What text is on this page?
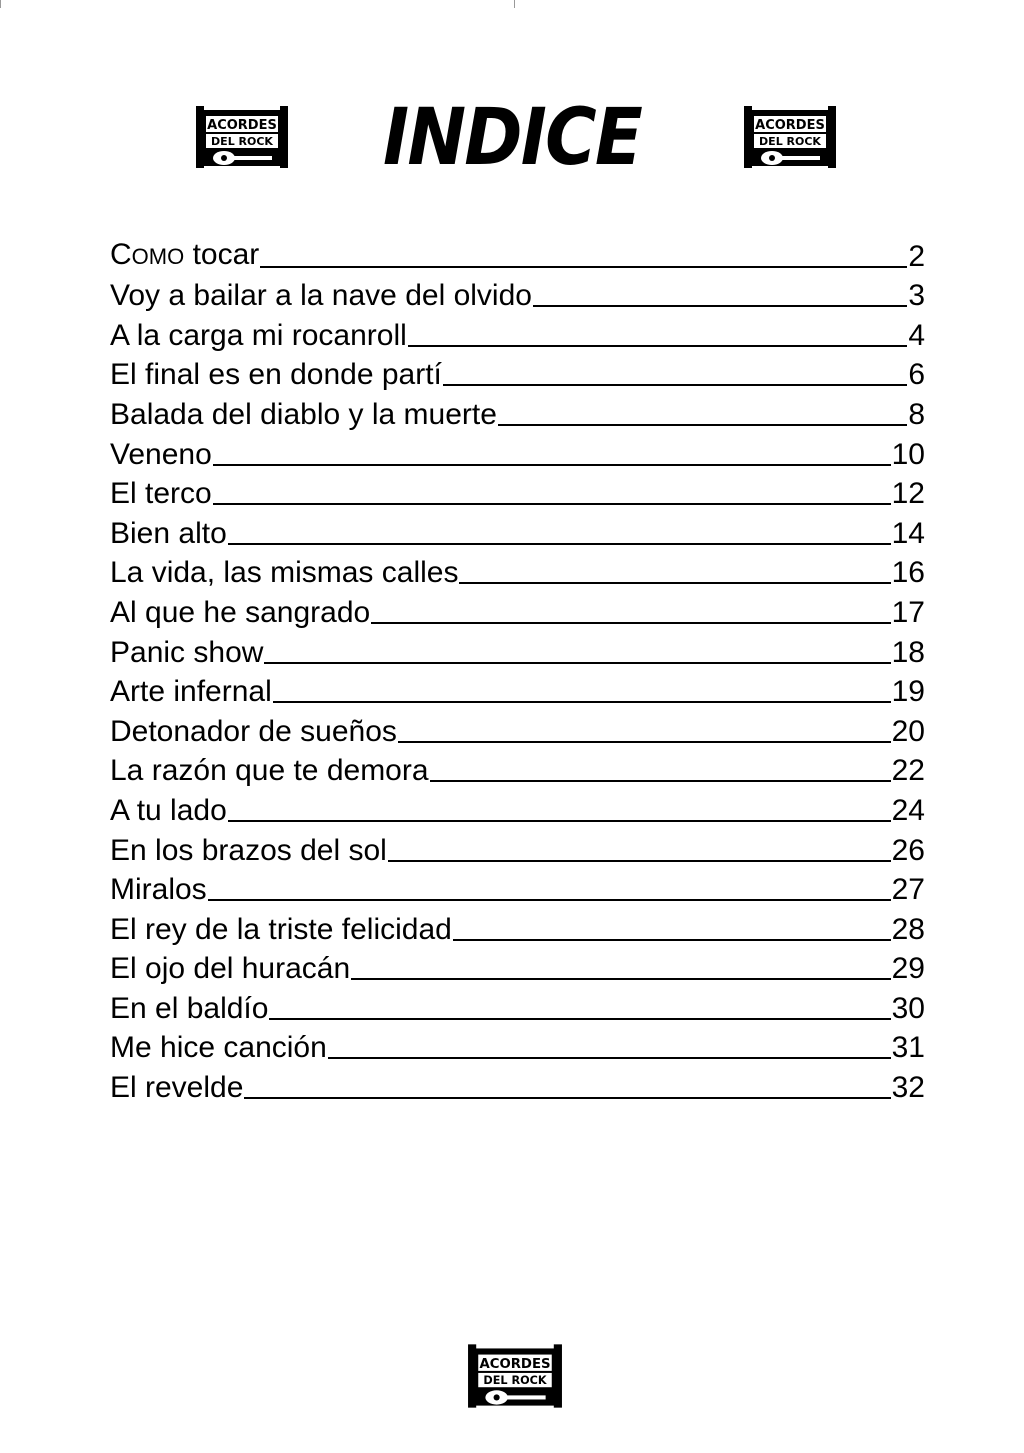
ACORDES
DEL ROCK	INDICE	ACORDES
DEL ROCK
COMO tocar	2
Voy a bailar a la nave del olvido	3
A la carga mi rocanroll	4
El final es en donde partí	6
Balada del diablo y la muerte	8
Veneno	10
El terco	12
Bien alto	14
La vida, las mismas calles	16
Al que he sangrado	17
Panic show	18
Arte infernal	19
Detonador de sueños	20
La razón que te demora	22
A tu lado	24
En los brazos del sol	26
Miralos	27
El rey de la triste felicidad	28
El ojo del huracán	29
En el baldío	30
Me hice canción	31
El revelde	32
ACORDES
DEL ROCK
